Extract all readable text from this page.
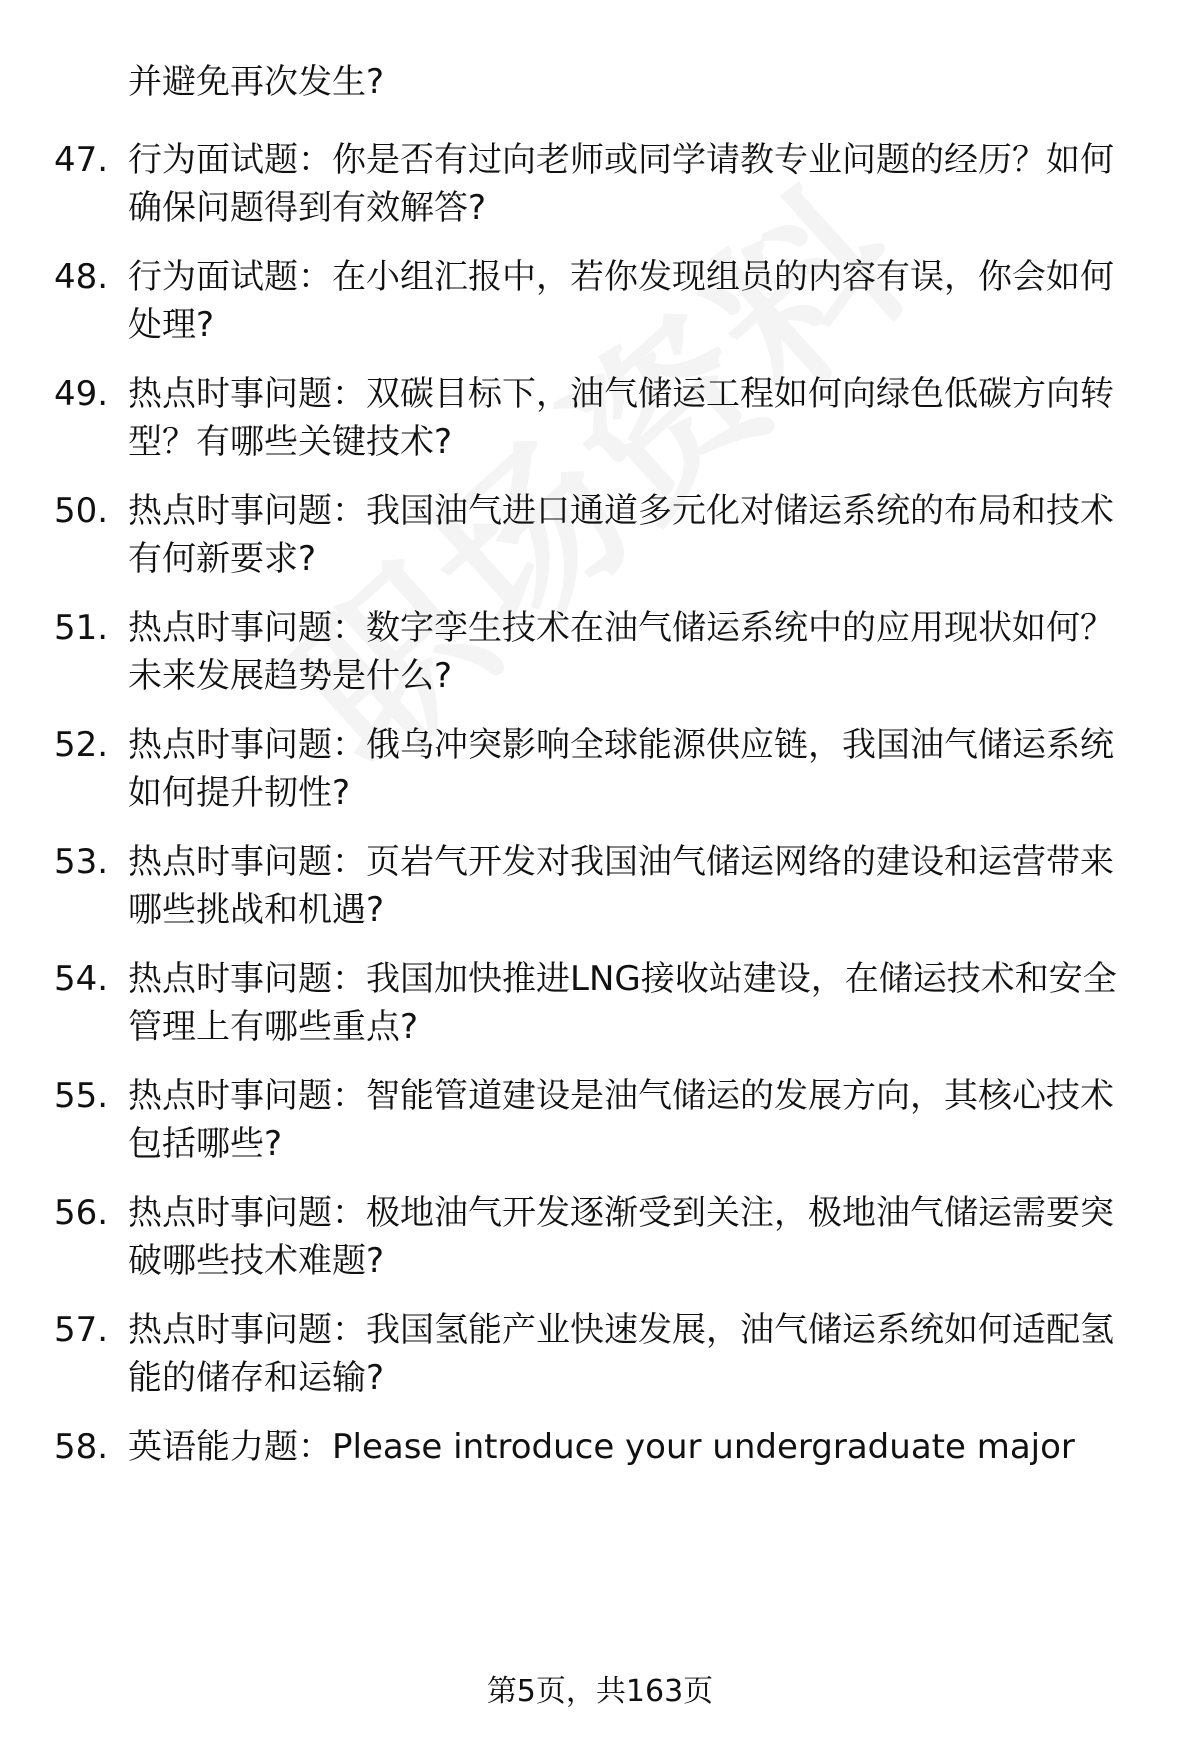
并避免再次发生?
47. 行为面试题：你是否有过向老师或同学请教专业问题的经历？如何确保问题得到有效解答?
48. 行为面试题：在小组汇报中，若你发现组员的内容有误，你会如何处理?
49. 热点时事问题：双碳目标下，油气储运工程如何向绿色低碳方向转型？有哪些关键技术?
50. 热点时事问题：我国油气进口通道多元化对储运系统的布局和技术有何新要求?
51. 热点时事问题：数字孪生技术在油气储运系统中的应用现状如何？未来发展趋势是什么?
52. 热点时事问题：俄乌冲突影响全球能源供应链，我国油气储运系统如何提升韧性?
53. 热点时事问题：页岩气开发对我国油气储运网络的建设和运营带来哪些挑战和机遇?
54. 热点时事问题：我国加快推进LNG接收站建设，在储运技术和安全管理上有哪些重点?
55. 热点时事问题：智能管道建设是油气储运的发展方向，其核心技术包括哪些?
56. 热点时事问题：极地油气开发逐渐受到关注，极地油气储运需要突破哪些技术难题?
57. 热点时事问题：我国氢能产业快速发展，油气储运系统如何适配氢能的储存和运输?
58. 英语能力题：Please introduce your undergraduate major
第5页，共163页
